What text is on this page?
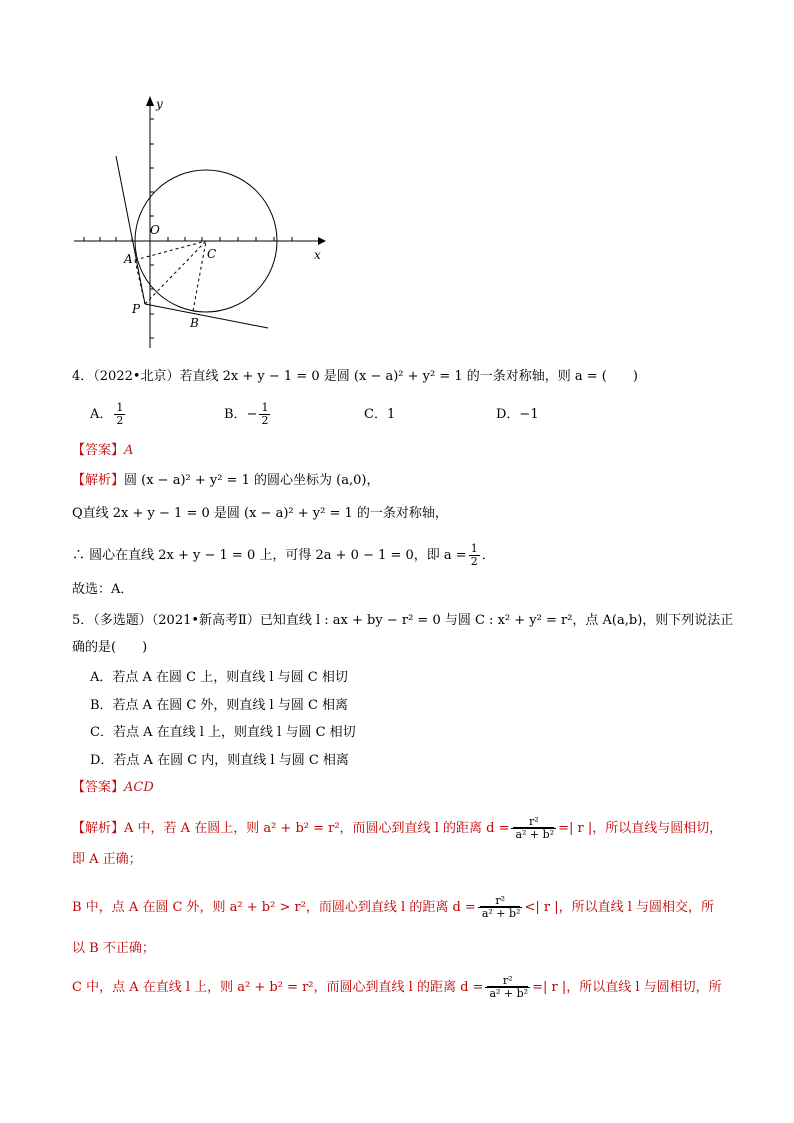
x
y
O
C
A
P
B
4．（2022•北京）若直线 2x + y − 1 = 0 是圆 (x − a)² + y² = 1 的一条对称轴，则 a = (　　)
A． $\frac{1}{2}$	B．− $\frac{1}{2}$	C．1	D．−1
【答案】A
【解析】圆 (x − a)² + y² = 1 的圆心坐标为 (a,0)，
Q直线 2x + y − 1 = 0 是圆 (x − a)² + y² = 1 的一条对称轴，
∴ 圆心在直线 2x + y − 1 = 0 上，可得 2a + 0 − 1 = 0，即 $a = \frac{1}{2}$ ．
故选：A．
5．（多选题）（2021•新高考Ⅱ）已知直线 l : ax + by − r² = 0 与圆 C : x² + y² = r²，点 A(a,b)，则下列说法正
确的是(　　)
A．若点 A 在圆 C 上，则直线 l 与圆 C 相切
B．若点 A 在圆 C 外，则直线 l 与圆 C 相离
C．若点 A 在直线 l 上，则直线 l 与圆 C 相切
D．若点 A 在圆 C 内，则直线 l 与圆 C 相离
【答案】ACD
【解析】A 中，若 A 在圆上，则 a² + b² = r²，而圆心到直线 l 的距离 $d = \frac{\text{r²}}{\text{a² + b²}}$ =| r |，所以直线与圆相切，
即 A 正确；
B 中，点 A 在圆 C 外，则 a² + b² > r²，而圆心到直线 l 的距离 $d = \frac{\text{r²}}{\text{a² + b²}}$ <| r |，所以直线 l 与圆相交，所
以 B 不正确；
C 中，点 A 在直线 l 上，则 a² + b² = r²，而圆心到直线 l 的距离 $d = \frac{\text{r²}}{\text{a² + b²}}$ =| r |，所以直线 l 与圆相切，所
